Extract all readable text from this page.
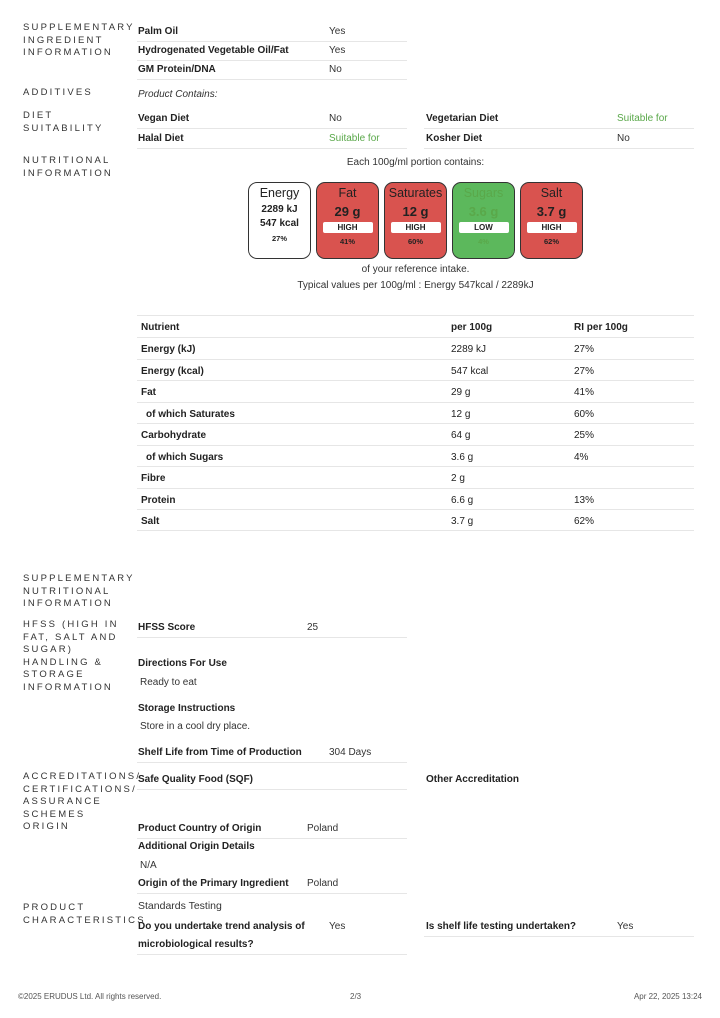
SUPPLEMENTARY INGREDIENT INFORMATION
ADDITIVES
DIET SUITABILITY
NUTRITIONAL INFORMATION
SUPPLEMENTARY NUTRITIONAL INFORMATION
HFSS (HIGH IN FAT, SALT AND SUGAR) HANDLING & STORAGE INFORMATION
ACCREDITATIONS/ CERTIFICATIONS/ ASSURANCE SCHEMES ORIGIN
PRODUCT CHARACTERISTICS
Palm Oil	Yes
Hydrogenated Vegetable Oil/Fat	Yes
GM Protein/DNA	No
Product Contains:
Vegan Diet	No	Vegetarian Diet	Suitable for
Halal Diet	Suitable for	Kosher Diet	No
Each 100g/ml portion contains:
Energy
2289 kJ
547 kcal
27%
Fat
29 g
HIGH
41%
Saturates
12 g
HIGH
60%
Sugars
3.6 g
LOW
4%
Salt
3.7 g
HIGH
62%
of your reference intake.
Typical values per 100g/ml : Energy 547kcal / 2289kJ
Nutrient	per 100g	RI per 100g
Energy (kJ)	2289 kJ	27%
Energy (kcal)	547 kcal	27%
Fat	29 g	41%
of which Saturates	12 g	60%
Carbohydrate	64 g	25%
of which Sugars	3.6 g	4%
Fibre	2 g
Protein	6.6 g	13%
Salt	3.7 g	62%
HFSS Score	25
Directions For Use
Ready to eat
Storage Instructions
Store in a cool dry place.
Shelf Life from Time of Production	304 Days
Safe Quality Food (SQF)	Other Accreditation
Product Country of Origin	Poland
Additional Origin Details
N/A
Origin of the Primary Ingredient Poland
Standards Testing
Do you undertake trend analysis of
microbiological results?
Yes	Is shelf life testing undertaken?	Yes
©2025 ERUDUS Ltd. All rights reserved.	2/3	Apr 22, 2025 13:24
